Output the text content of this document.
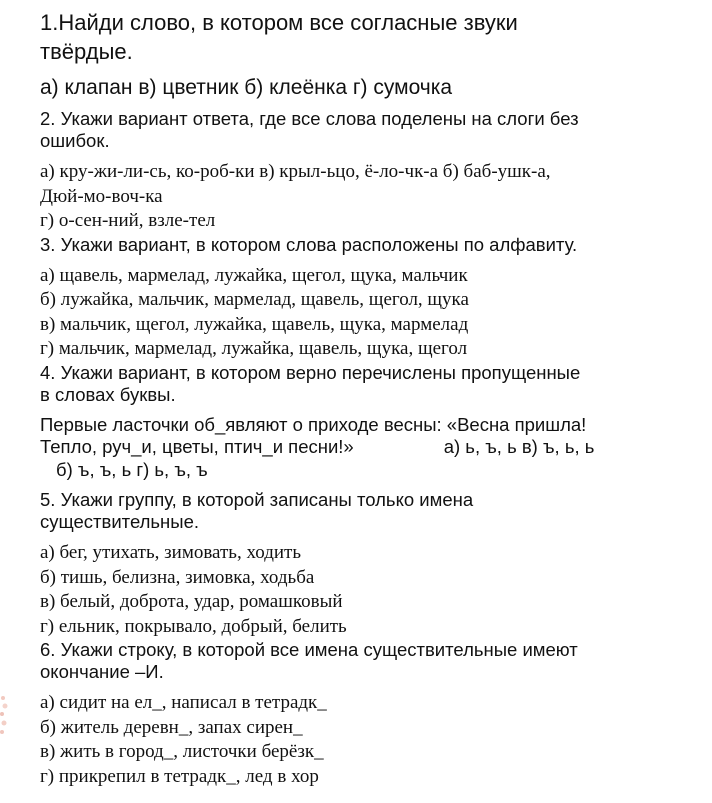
1.Найди слово, в котором все согласные звуки
твёрдые.
а) клапан в) цветник б) клеёнка г) сумочка
2. Укажи вариант ответа, где все слова поделены на слоги без
ошибок.
а) кру-жи-ли-сь, ко-роб-ки в) крыл-ьцо, ё-ло-чк-а б) баб-ушк-а,
Дюй-мо-воч-ка
г) о-сен-ний, взле-тел
3. Укажи вариант, в котором слова расположены по алфавиту.
а) щавель, мармелад, лужайка, щегол, щука, мальчик
б) лужайка, мальчик, мармелад, щавель, щегол, щука
в) мальчик, щегол, лужайка, щавель, щука, мармелад
г) мальчик, мармелад, лужайка, щавель, щука, щегол
4. Укажи вариант, в котором верно перечислены пропущенные
в словах буквы.
Первые ласточки об_являют о приходе весны: «Весна пришла!
Тепло, руч_и, цветы, птич_и песни!»	а) ь, ъ, ь в) ъ, ь, ь
б) ъ, ъ, ь г) ь, ъ, ъ
5. Укажи группу, в которой записаны только имена
существительные.
а) бег, утихать, зимовать, ходить
б) тишь, белизна, зимовка, ходьба
в) белый, доброта, удар, ромашковый
г) ельник, покрывало, добрый, белить
6. Укажи строку, в которой все имена существительные имеют
окончание –И.
а) сидит на ел_, написал в тетрадк_
б) житель деревн_, запах сирен_
в) жить в город_, листочки берёзк_
г) прикрепил в тетрадк_, лед в хор
